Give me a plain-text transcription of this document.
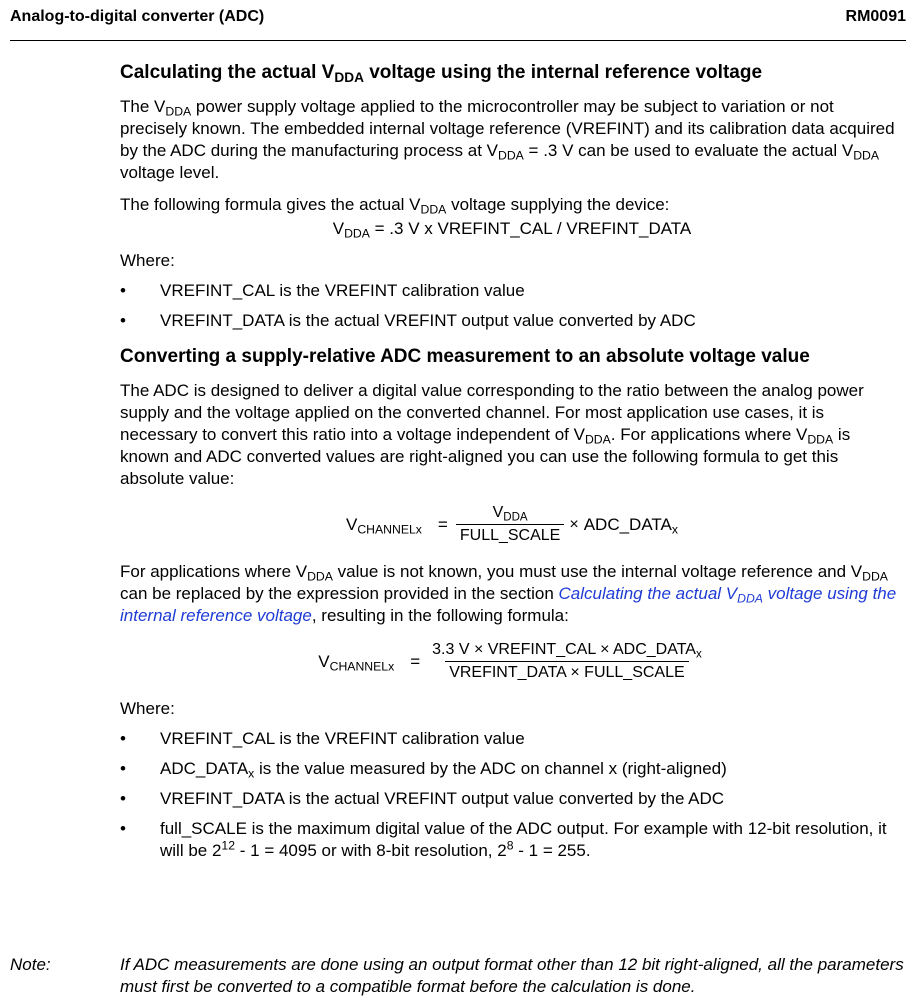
Analog-to-digital converter (ADC)	RM0091
Calculating the actual $V_{DDA}$ voltage using the internal reference voltage

The $V_{DDA}$ power supply voltage applied to the microcontroller may be subject to variation or not precisely known. The embedded internal voltage reference (VREFINT) and its calibration data acquired by the ADC during the manufacturing process at $V_{DDA} = .3$ V can be used to evaluate the actual $V_{DDA}$ voltage level.

The following formula gives the actual $V_{DDA}$ voltage supplying the device:

$V_{DDA} = .3$ V x VREFINT_CAL / VREFINT_DATA

Where:

• VREFINT_CAL is the VREFINT calibration value
• VREFINT_DATA is the actual VREFINT output value converted by ADC
Converting a supply-relative ADC measurement to an absolute voltage value

The ADC is designed to deliver a digital value corresponding to the ratio between the analog power supply and the voltage applied on the converted channel. For most application use cases, it is necessary to convert this ratio into a voltage independent of $V_{DDA}$. For applications where $V_{DDA}$ is known and ADC converted values are right-aligned you can use the following formula to get this absolute value:

$V_{CHANNELx} = \frac{V_{DDA}}{\text{FULL\_SCALE}}$ × $ADC\_DATA_x$

For applications where $V_{DDA}$ value is not known, you must use the internal voltage reference and $V_{DDA}$ can be replaced by the expression provided in the section Calculating the actual $V_{DDA}$ voltage using the internal reference voltage, resulting in the following formula:

$V_{CHANNELx} = \frac{3.3 V \times VREFINT\_CAL \times ADC\_DATA_x}{\text{VREFINT\_DATA × FULL\_SCALE}}$

Where:

• VREFINT_CAL is the VREFINT calibration value
• $ADC\_DATA_x$ is the value measured by the ADC on channel x (right-aligned)
• VREFINT_DATA is the actual VREFINT output value converted by the ADC
• full_SCALE is the maximum digital value of the ADC output. For example with 12-bit resolution, it will be $2^{12} - 1 = 4095$ or with 8-bit resolution, $2^8 - 1 = 255$.
Note:	If ADC measurements are done using an output format other than 12 bit right-aligned, all the parameters must first be converted to a compatible format before the calculation is done.
